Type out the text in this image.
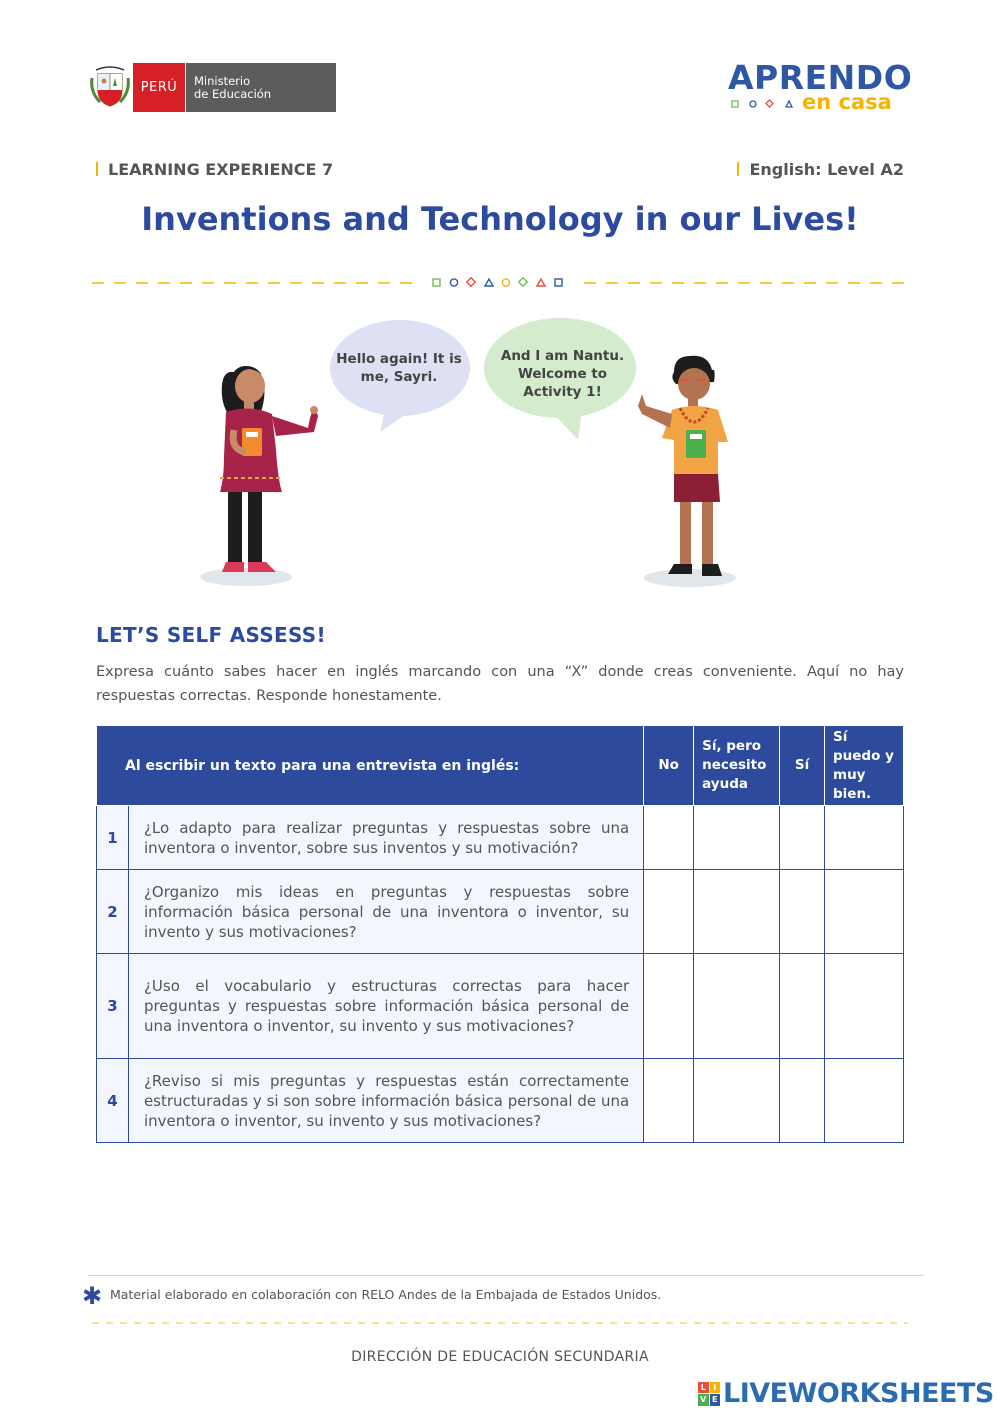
PERÚ	Ministerio
de Educación	APRENDO
en casa
LEARNING EXPERIENCE 7	English: Level A2
Inventions and Technology in our Lives!
Hello again! It is me, Sayri.
And I am Nantu. Welcome to Activity 1!
LET’S SELF ASSESS!
Expresa cuánto sabes hacer en inglés marcando con una “X” donde creas conveniente. Aquí no hay respuestas correctas. Responde honestamente.
Al escribir un texto para una entrevista en inglés:		No	Sí, pero necesito ayuda	Sí	Sí puedo y muy bien.
1	¿Lo adapto para realizar preguntas y respuestas sobre una inventora o inventor, sobre sus inventos y su motivación?				
2	¿Organizo mis ideas en preguntas y respuestas sobre información básica personal de una inventora o inventor, su invento y sus motivaciones?				
3	¿Uso el vocabulario y estructuras correctas para hacer preguntas y respuestas sobre información básica personal de una inventora o inventor, su invento y sus motivaciones?				
4	¿Reviso si mis preguntas y respuestas están correctamente estructuradas y si son sobre información básica personal de una inventora o inventor, su invento y sus motivaciones?				
✱ Material elaborado en colaboración con RELO Andes de la Embajada de Estados Unidos.
DIRECCIÓN DE EDUCACIÓN SECUNDARIA
L I
V E LIVEWORKSHEETS
